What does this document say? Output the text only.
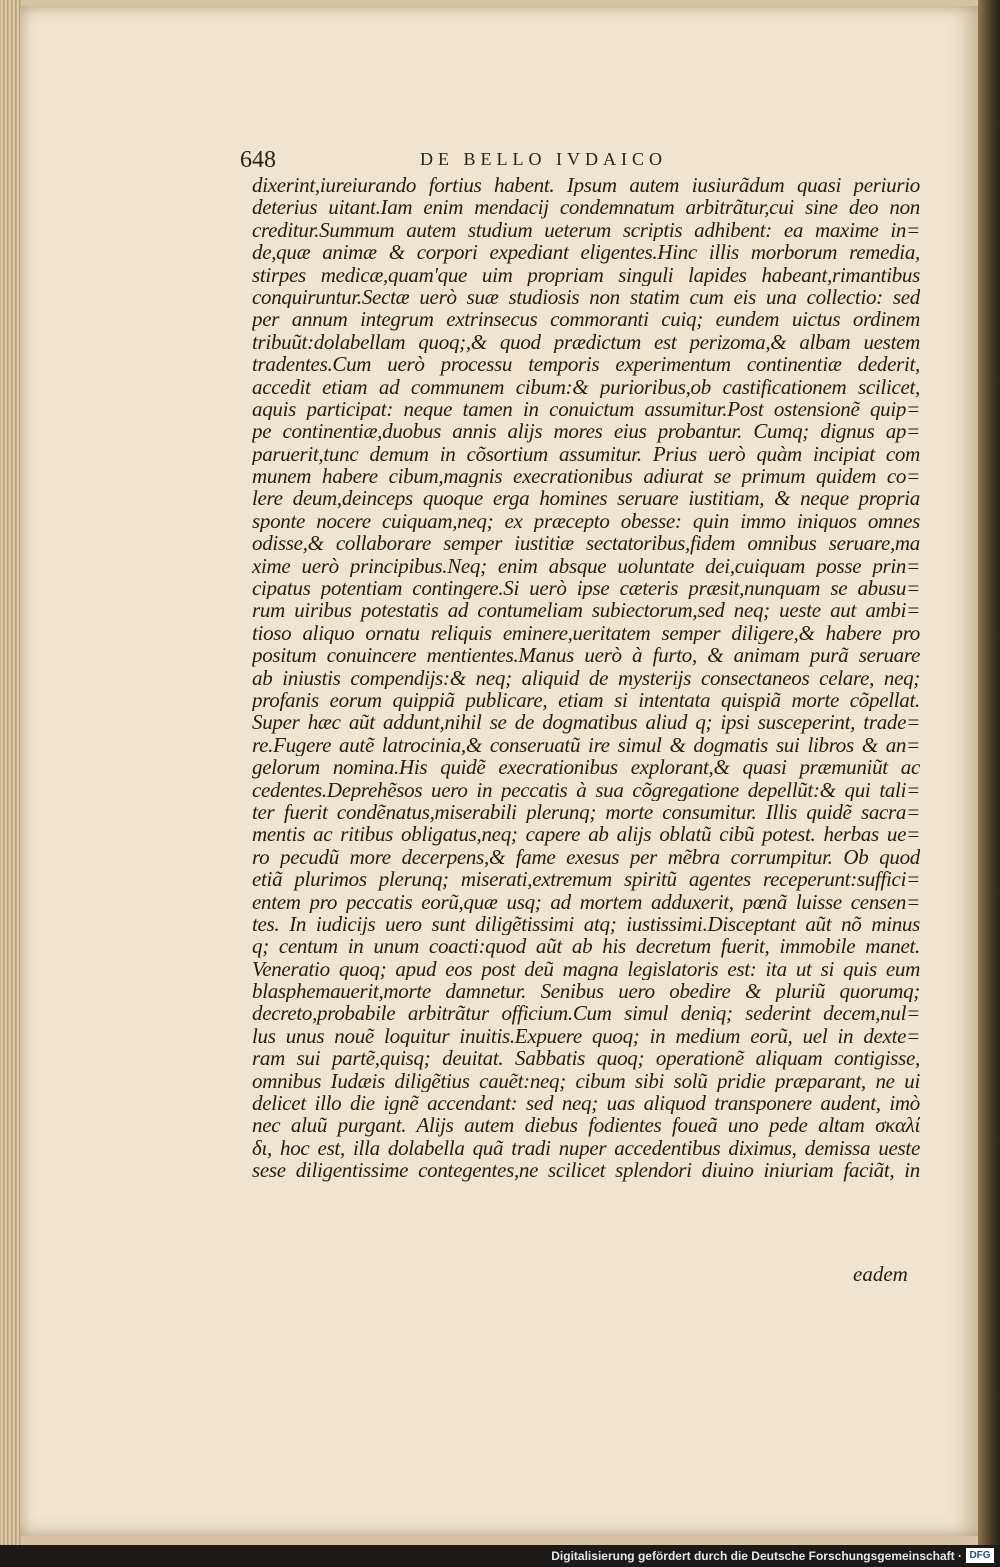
648	DE BELLO IVDAICO
dixerint,iureiurando fortius habent. Ipsum autem iusiurãdum quasi periurio
deterius uitant.Iam enim mendacij condemnatum arbitrãtur,cui sine deo non
creditur.Summum autem studium ueterum scriptis adhibent: ea maxime in=
de,quæ animæ & corpori expediant eligentes.Hinc illis morborum remedia,
stirpes medicæ,quam'que uim propriam singuli lapides habeant,rimantibus
conquiruntur.Sectæ uerò suæ studiosis non statim cum eis una collectio: sed
per annum integrum extrinsecus commoranti cuiq; eundem uictus ordinem
tribuũt:dolabellam quoq;,& quod prædictum est perizoma,& albam uestem
tradentes.Cum uerò processu temporis experimentum continentiæ dederit,
accedit etiam ad communem cibum:& purioribus,ob castificationem scilicet,
aquis participat: neque tamen in conuictum assumitur.Post ostensionẽ quip=
pe continentiæ,duobus annis alijs mores eius probantur. Cumq; dignus ap=
paruerit,tunc demum in cõsortium assumitur. Prius uerò quàm incipiat com
munem habere cibum,magnis execrationibus adiurat se primum quidem co=
lere deum,deinceps quoque erga homines seruare iustitiam, & neque propria
sponte nocere cuiquam,neq; ex præcepto obesse: quin immo iniquos omnes
odisse,& collaborare semper iustitiæ sectatoribus,fidem omnibus seruare,ma
xime uerò principibus.Neq; enim absque uoluntate dei,cuiquam posse prin=
cipatus potentiam contingere.Si uerò ipse cæteris præsit,nunquam se abusu=
rum uiribus potestatis ad contumeliam subiectorum,sed neq; ueste aut ambi=
tioso aliquo ornatu reliquis eminere,ueritatem semper diligere,& habere pro
positum conuincere mentientes.Manus uerò à furto, & animam purã seruare
ab iniustis compendijs:& neq; aliquid de mysterijs consectaneos celare, neq;
profanis eorum quippiã publicare, etiam si intentata quispiã morte cõpellat.
Super hæc aũt addunt,nihil se de dogmatibus aliud q; ipsi susceperint, trade=
re.Fugere autẽ latrocinia,& conseruatũ ire simul & dogmatis sui libros & an=
gelorum nomina.His quidẽ execrationibus explorant,& quasi præmuniũt ac
cedentes.Deprehẽsos uero in peccatis à sua cõgregatione depellũt:& qui tali=
ter fuerit condẽnatus,miserabili plerunq; morte consumitur. Illis quidẽ sacra=
mentis ac ritibus obligatus,neq; capere ab alijs oblatũ cibũ potest. herbas ue=
ro pecudũ more decerpens,& fame exesus per mẽbra corrumpitur. Ob quod
etiã plurimos plerunq; miserati,extremum spiritũ agentes receperunt:suffici=
entem pro peccatis eorũ,quæ usq; ad mortem adduxerit, pœnã luisse censen=
tes. In iudicijs uero sunt diligẽtissimi atq; iustissimi.Disceptant aũt nõ minus
q; centum in unum coacti:quod aũt ab his decretum fuerit, immobile manet.
Veneratio quoq; apud eos post deũ magna legislatoris est: ita ut si quis eum
blasphemauerit,morte damnetur. Senibus uero obedire & pluriũ quorumq;
decreto,probabile arbitrãtur officium.Cum simul deniq; sederint decem,nul=
lus unus nouẽ loquitur inuitis.Expuere quoq; in medium eorũ, uel in dexte=
ram sui partẽ,quisq; deuitat. Sabbatis quoq; operationẽ aliquam contigisse,
omnibus Iudæis diligẽtius cauẽt:neq; cibum sibi solũ pridie præparant, ne ui
delicet illo die ignẽ accendant: sed neq; uas aliquod transponere audent, imò
nec aluũ purgant. Alijs autem diebus fodientes foueã uno pede altam σκαλί
δι, hoc est, illa dolabella quã tradi nuper accedentibus diximus, demissa ueste
sese diligentissime contegentes,ne scilicet splendori diuino iniuriam faciãt, in
eadem
Digitalisierung gefördert durch die Deutsche Forschungsgemeinschaft · DFG
